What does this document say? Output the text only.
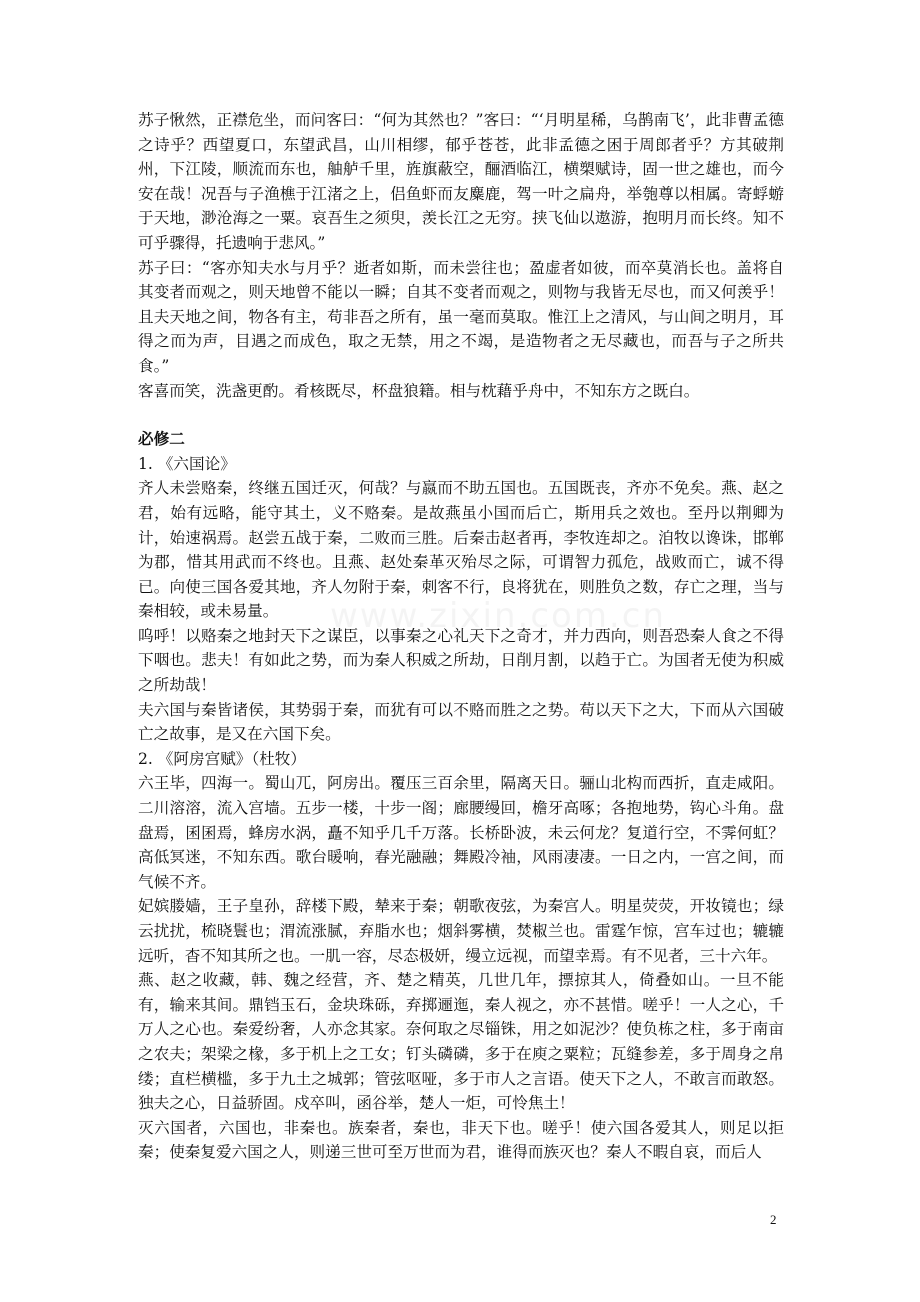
www.zixin.com.cn

苏子愀然，正襟危坐，而问客曰：“何为其然也？”客曰：“‘月明星稀，乌鹊南飞’，此非曹孟德之诗乎？西望夏口，东望武昌，山川相缪，郁乎苍苍，此非孟德之困于周郎者乎？方其破荆州，下江陵，顺流而东也，舳舻千里，旌旗蔽空，酾酒临江，横槊赋诗，固一世之雄也，而今安在哉！况吾与子渔樵于江渚之上，侣鱼虾而友麋鹿，驾一叶之扁舟，举匏尊以相属。寄蜉蝣于天地，渺沧海之一粟。哀吾生之须臾，羡长江之无穷。挟飞仙以遨游，抱明月而长终。知不可乎骤得，托遗响于悲风。”

苏子曰：“客亦知夫水与月乎？逝者如斯，而未尝往也；盈虚者如彼，而卒莫消长也。盖将自其变者而观之，则天地曾不能以一瞬；自其不变者而观之，则物与我皆无尽也，而又何羡乎！且夫天地之间，物各有主，苟非吾之所有，虽一毫而莫取。惟江上之清风，与山间之明月，耳得之而为声，目遇之而成色，取之无禁，用之不竭，是造物者之无尽藏也，而吾与子之所共食。”

客喜而笑，洗盏更酌。肴核既尽，杯盘狼籍。相与枕藉乎舟中，不知东方之既白。

必修二

1. 《六国论》

齐人未尝赂秦，终继五国迁灭，何哉？与嬴而不助五国也。五国既丧，齐亦不免矣。燕、赵之君，始有远略，能守其土，义不赂秦。是故燕虽小国而后亡，斯用兵之效也。至丹以荆卿为计，始速祸焉。赵尝五战于秦，二败而三胜。后秦击赵者再，李牧连却之。洎牧以谗诛，邯郸为郡，惜其用武而不终也。且燕、赵处秦革灭殆尽之际，可谓智力孤危，战败而亡，诚不得已。向使三国各爱其地，齐人勿附于秦，刺客不行，良将犹在，则胜负之数，存亡之理，当与秦相较，或未易量。

呜呼！以赂秦之地封天下之谋臣，以事秦之心礼天下之奇才，并力西向，则吾恐秦人食之不得下咽也。悲夫！有如此之势，而为秦人积威之所劫，日削月割，以趋于亡。为国者无使为积威之所劫哉！

夫六国与秦皆诸侯，其势弱于秦，而犹有可以不赂而胜之之势。苟以天下之大，下而从六国破亡之故事，是又在六国下矣。

2. 《阿房宫赋》（杜牧）

六王毕，四海一。蜀山兀，阿房出。覆压三百余里，隔离天日。骊山北构而西折，直走咸阳。二川溶溶，流入宫墙。五步一楼，十步一阁；廊腰缦回，檐牙高啄；各抱地势，钩心斗角。盘盘焉，囷囷焉，蜂房水涡，矗不知乎几千万落。长桥卧波，未云何龙？复道行空，不霁何虹？高低冥迷，不知东西。歌台暖响，春光融融；舞殿冷袖，风雨凄凄。一日之内，一宫之间，而气候不齐。

妃嫔媵嫱，王子皇孙，辞楼下殿，辇来于秦；朝歌夜弦，为秦宫人。明星荧荧，开妆镜也；绿云扰扰，梳晓鬟也；渭流涨腻，弃脂水也；烟斜雾横，焚椒兰也。雷霆乍惊，宫车过也；辘辘远听，杳不知其所之也。一肌一容，尽态极妍，缦立远视，而望幸焉。有不见者，三十六年。

燕、赵之收藏，韩、魏之经营，齐、楚之精英，几世几年，摽掠其人，倚叠如山。一旦不能有，输来其间。鼎铛玉石，金块珠砾，弃掷逦迤，秦人视之，亦不甚惜。嗟乎！一人之心，千万人之心也。秦爱纷奢，人亦念其家。奈何取之尽锱铢，用之如泥沙？使负栋之柱，多于南亩之农夫；架梁之椽，多于机上之工女；钉头磷磷，多于在庾之粟粒；瓦缝参差，多于周身之帛缕；直栏横槛，多于九土之城郭；管弦呕哑，多于市人之言语。使天下之人，不敢言而敢怒。独夫之心，日益骄固。戍卒叫，函谷举，楚人一炬，可怜焦土！

灭六国者，六国也，非秦也。族秦者，秦也，非天下也。嗟乎！使六国各爱其人，则足以拒秦；使秦复爱六国之人，则递三世可至万世而为君，谁得而族灭也？秦人不暇自哀，而后人

2
